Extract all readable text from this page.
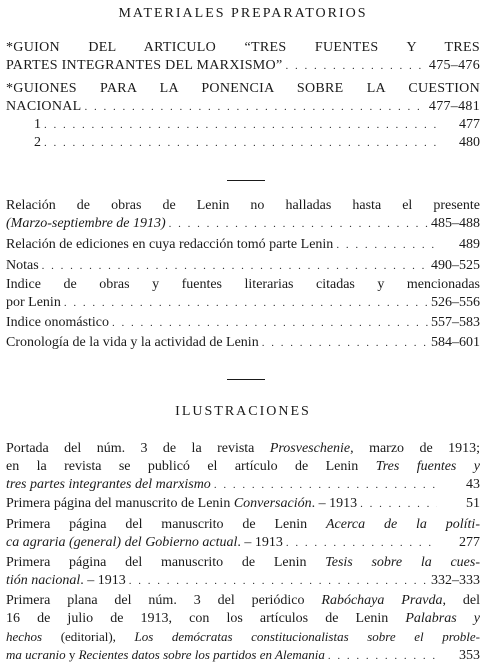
MATERIALES PREPARATORIOS
*GUION DEL ARTICULO “TRES FUENTES Y TRES
PARTES INTEGRANTES DEL MARXISMO” . . .	475–476
*GUIONES PARA LA PONENCIA SOBRE LA CUESTION
NACIONAL . . .	477–481
1 . . .	477
2 . . .	480
Relación de obras de Lenin no halladas hasta el presente
(Marzo-septiembre de 1913) . . .	485–488
Relación de ediciones en cuya redacción tomó parte Lenin . . .	489
Notas . . .	490–525
Indice de obras y fuentes literarias citadas y mencionadas
por Lenin . . .	526–556
Indice onomástico . . .	557–583
Cronología de la vida y la actividad de Lenin . . .	584–601
ILUSTRACIONES
Portada del núm. 3 de la revista Prosveschenie, marzo de 1913;
en la revista se publicó el artículo de Lenin Tres fuentes y
tres partes integrantes del marxismo . . .	43
Primera página del manuscrito de Lenin Conversación. – 1913 . . .	51
Primera página del manuscrito de Lenin Acerca de la políti-
ca agraria (general) del Gobierno actual. – 1913 . . .	277
Primera página del manuscrito de Lenin Tesis sobre la cues-
tión nacional. – 1913 . . .	332–333
Primera plana del núm. 3 del periódico Rabóchaya Pravda, del
16 de julio de 1913, con los artículos de Lenin Palabras y
hechos (editorial), Los demócratas constitucionalistas sobre el proble-
ma ucranio y Recientes datos sobre los partidos en Alemania . . .	353
